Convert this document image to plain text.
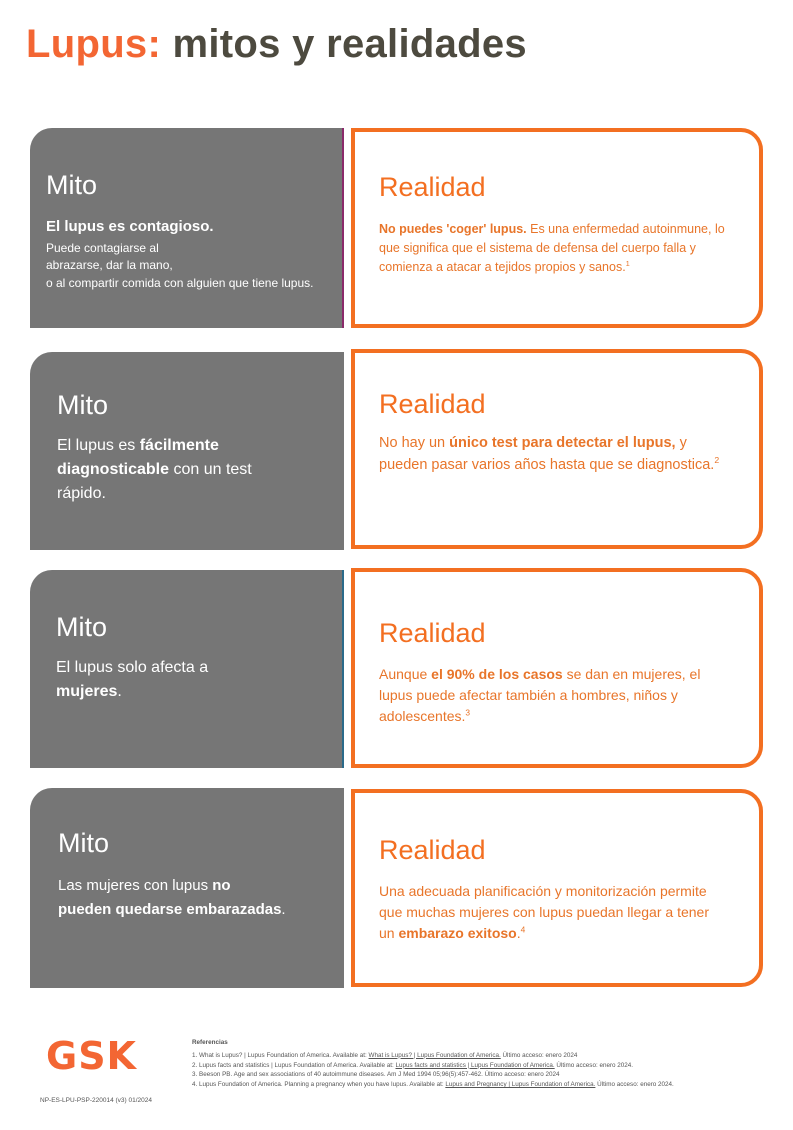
Lupus: mitos y realidades
Mito
El lupus es contagioso.
Puede contagiarse al
abrazarse, dar la mano,
o al compartir comida con alguien que tiene lupus.
Realidad
No puedes 'coger' lupus. Es una enfermedad autoinmune, lo que significa que el sistema de defensa del cuerpo falla y comienza a atacar a tejidos propios y sanos.$^1$
Mito
El lupus es fácilmente diagnosticable con un test rápido.
Realidad
No hay un único test para detectar el lupus, y pueden pasar varios años hasta que se diagnostica.$^2$
Mito
El lupus solo afecta a mujeres.
Realidad
Aunque el 90% de los casos se dan en mujeres, el lupus puede afectar también a hombres, niños y adolescentes.$^3$
Mito
Las mujeres con lupus no pueden quedarse embarazadas.
Realidad
Una adecuada planificación y monitorización permite que muchas mujeres con lupus puedan llegar a tener un embarazo exitoso.$^4$
GSK	Referencias
1. What is Lupus? | Lupus Foundation of America. Available at: What is Lupus? | Lupus Foundation of America. Último acceso: enero 2024
2. Lupus facts and statistics | Lupus Foundation of America. Available at: Lupus facts and statistics | Lupus Foundation of America. Último acceso: enero 2024.
3. Beeson PB. Age and sex associations of 40 autoimmune diseases. Am J Med 1994 05;96(5):457-462. Último acceso: enero 2024
4. Lupus Foundation of America. Planning a pregnancy when you have lupus. Available at: Lupus and Pregnancy | Lupus Foundation of America. Último acceso: enero 2024.
NP-ES-LPU-PSP-220014 (v3) 01/2024
